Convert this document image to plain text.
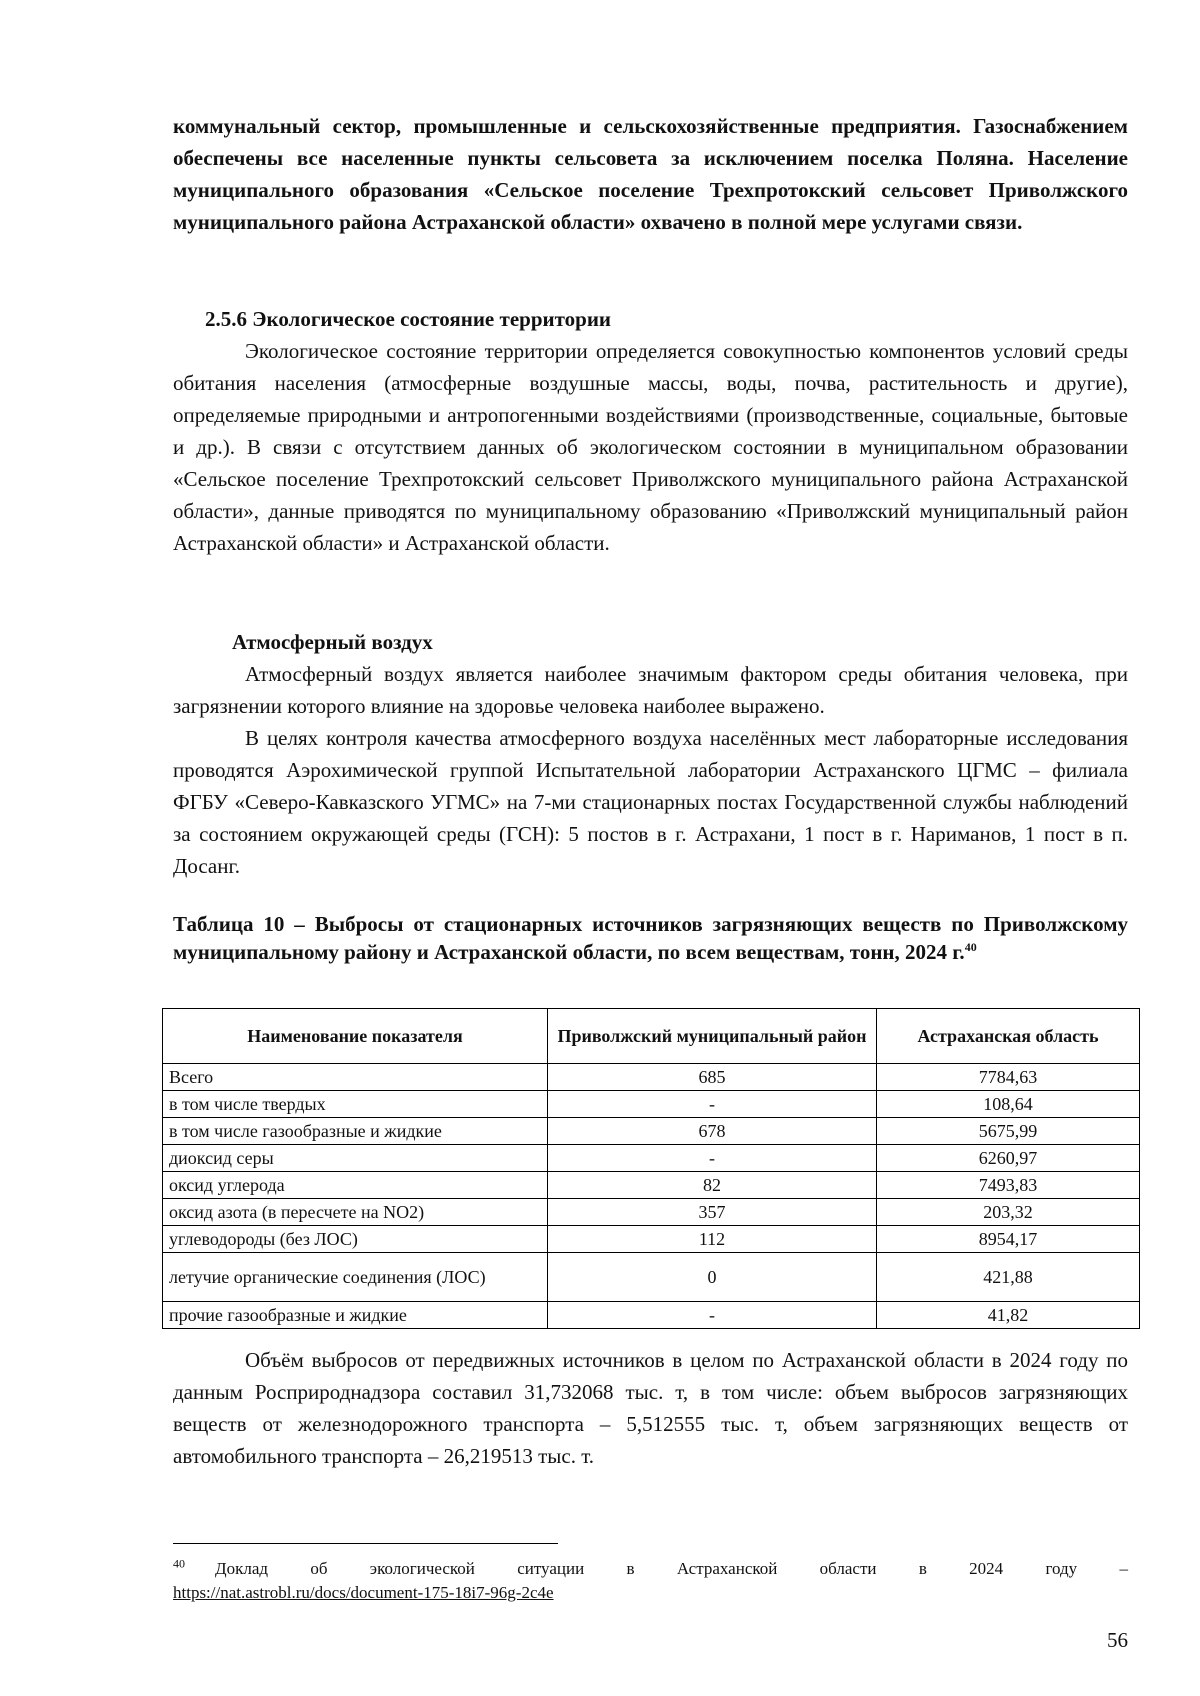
коммунальный сектор, промышленные и сельскохозяйственные предприятия. Газоснабжением обеспечены все населенные пункты сельсовета за исключением поселка Поляна. Население муниципального образования «Сельское поселение Трехпротокский сельсовет Приволжского муниципального района Астраханской области» охвачено в полной мере услугами связи.

2.5.6 Экологическое состояние территории

Экологическое состояние территории определяется совокупностью компонентов условий среды обитания населения (атмосферные воздушные массы, воды, почва, растительность и другие), определяемые природными и антропогенными воздействиями (производственные, социальные, бытовые и др.). В связи с отсутствием данных об экологическом состоянии в муниципальном образовании «Сельское поселение Трехпротокский сельсовет Приволжского муниципального района Астраханской области», данные приводятся по муниципальному образованию «Приволжский муниципальный район Астраханской области» и Астраханской области.

Атмосферный воздух

Атмосферный воздух является наиболее значимым фактором среды обитания человека, при загрязнении которого влияние на здоровье человека наиболее выражено.

В целях контроля качества атмосферного воздуха населённых мест лабораторные исследования проводятся Аэрохимической группой Испытательной лаборатории Астраханского ЦГМС – филиала ФГБУ «Северо-Кавказского УГМС» на 7-ми стационарных постах Государственной службы наблюдений за состоянием окружающей среды (ГСН): 5 постов в г. Астрахани, 1 пост в г. Нариманов, 1 пост в п. Досанг.

Таблица 10 – Выбросы от стационарных источников загрязняющих веществ по Приволжскому муниципальному району и Астраханской области, по всем веществам, тонн, 2024 г.$^{40}$

Наименование показателя	Приволжский муниципальный район	Астраханская область
Всего	685	7784,63
в том числе твердых	-	108,64
в том числе газообразные и жидкие	678	5675,99
диоксид серы	-	6260,97
оксид углерода	82	7493,83
оксид азота (в пересчете на NO2)	357	203,32
углеводороды (без ЛОС)	112	8954,17
летучие органические соединения (ЛОС)	0	421,88
прочие газообразные и жидкие	-	41,82

Объём выбросов от передвижных источников в целом по Астраханской области в 2024 году по данным Росприроднадзора составил 31,732068 тыс. т, в том числе: объем выбросов загрязняющих веществ от железнодорожного транспорта – 5,512555 тыс. т, объем загрязняющих веществ от автомобильного транспорта – 26,219513 тыс. т.

$^{40}$ Доклад об экологической ситуации в Астраханской области в 2024 году –
https://nat.astrobl.ru/docs/document-175-18i7-96g-2c4e
56
